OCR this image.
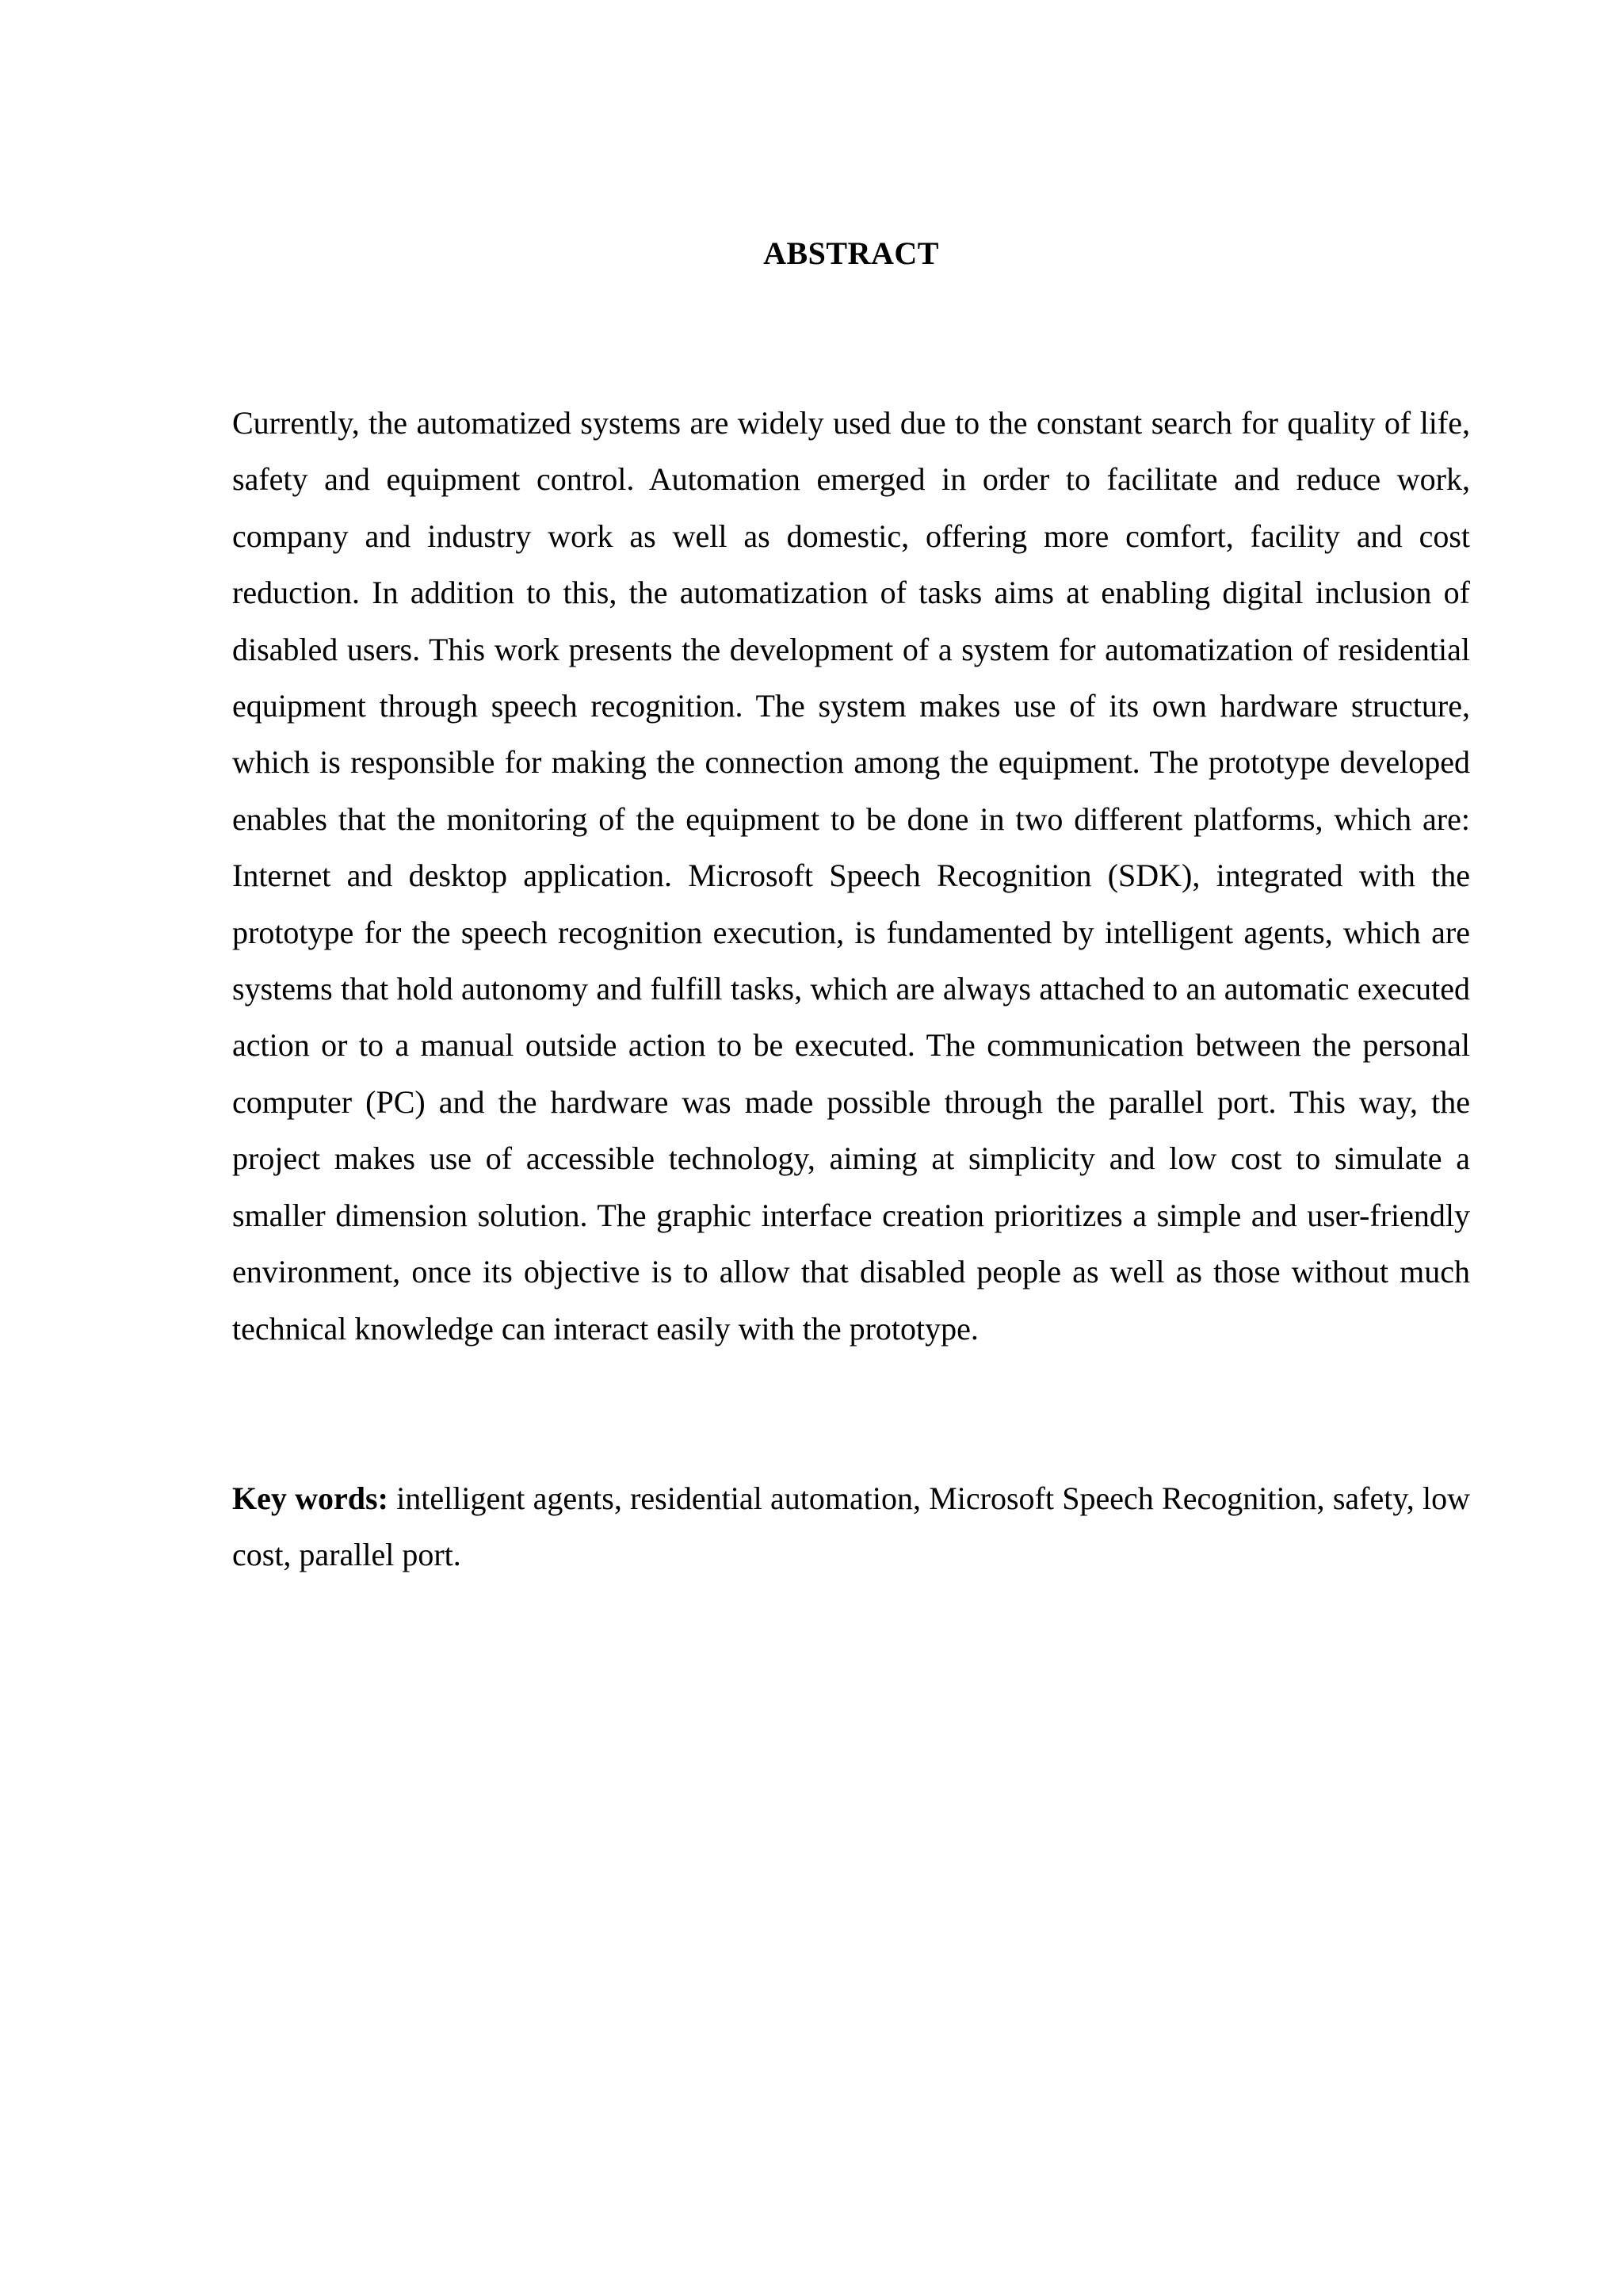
ABSTRACT

Currently, the automatized systems are widely used due to the constant search for quality of life, safety and equipment control. Automation emerged in order to facilitate and reduce work, company and industry work as well as domestic, offering more comfort, facility and cost reduction. In addition to this, the automatization of tasks aims at enabling digital inclusion of disabled users. This work presents the development of a system for automatization of residential equipment through speech recognition. The system makes use of its own hardware structure, which is responsible for making the connection among the equipment. The prototype developed enables that the monitoring of the equipment to be done in two different platforms, which are: Internet and desktop application. Microsoft Speech Recognition (SDK), integrated with the prototype for the speech recognition execution, is fundamented by intelligent agents, which are systems that hold autonomy and fulfill tasks, which are always attached to an automatic executed action or to a manual outside action to be executed. The communication between the personal computer (PC) and the hardware was made possible through the parallel port. This way, the project makes use of accessible technology, aiming at simplicity and low cost to simulate a smaller dimension solution. The graphic interface creation prioritizes a simple and user-friendly environment, once its objective is to allow that disabled people as well as those without much technical knowledge can interact easily with the prototype.

Key words: intelligent agents, residential automation, Microsoft Speech Recognition, safety, low cost, parallel port.
